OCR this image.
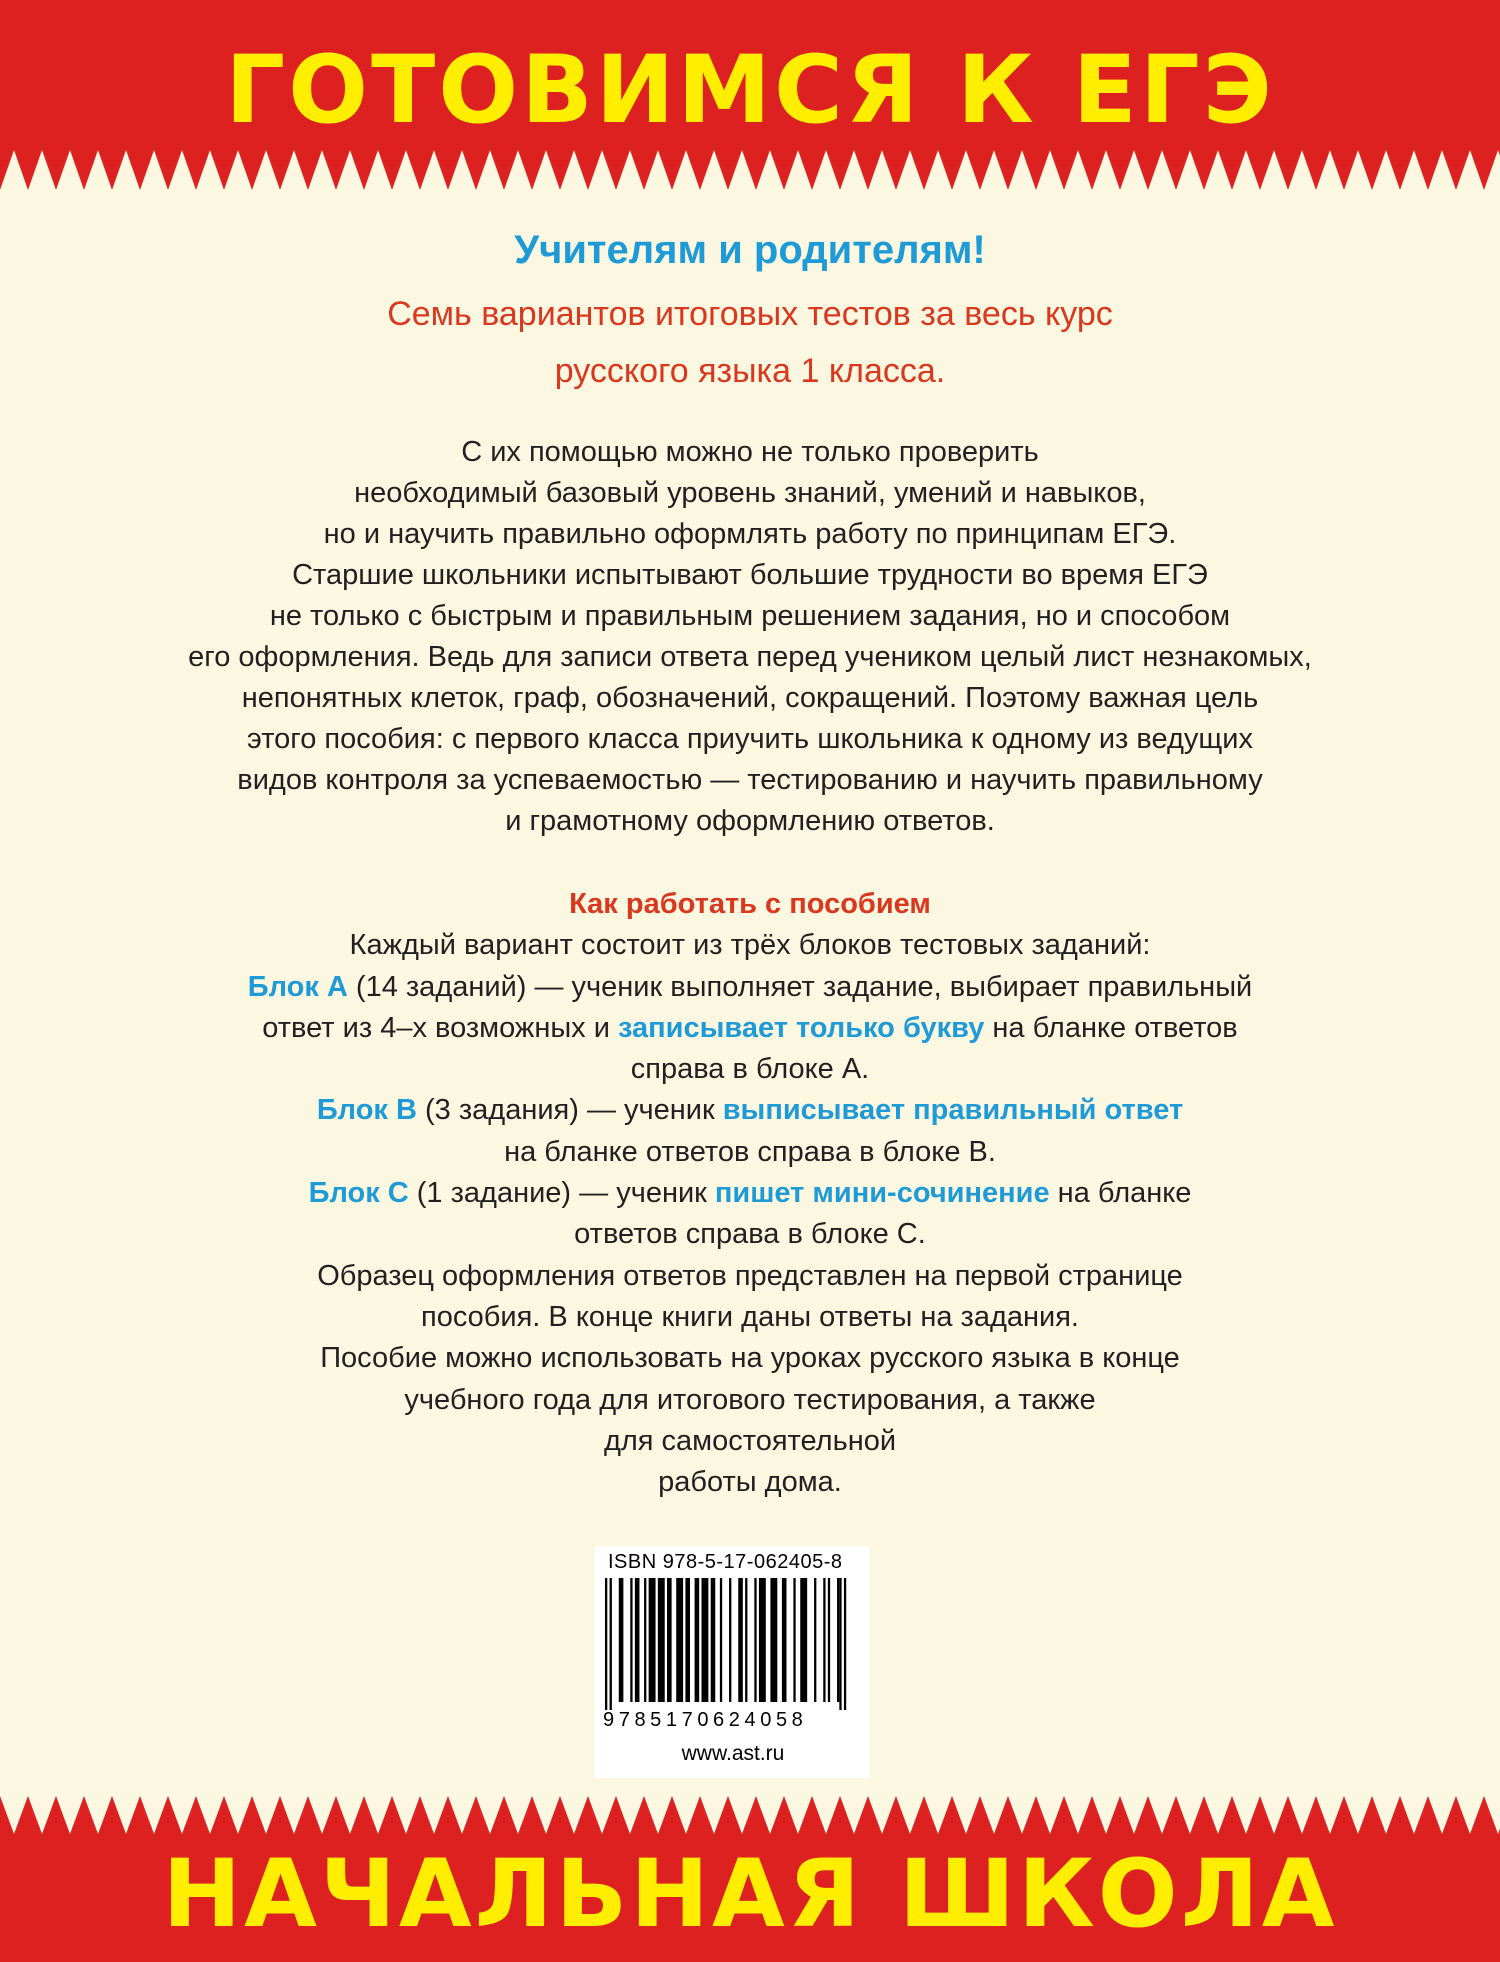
ГОТОВИМСЯ К ЕГЭ
Учителям и родителям!

Семь вариантов итоговых тестов за весь курс
русского языка 1 класса.

С их помощью можно не только проверить
необходимый базовый уровень знаний, умений и навыков,
но и научить правильно оформлять работу по принципам ЕГЭ.
Старшие школьники испытывают большие трудности во время ЕГЭ
не только с быстрым и правильным решением задания, но и способом
его оформления. Ведь для записи ответа перед учеником целый лист незнакомых,
непонятных клеток, граф, обозначений, сокращений. Поэтому важная цель
этого пособия: с первого класса приучить школьника к одному из ведущих
видов контроля за успеваемостью — тестированию и научить правильному
и грамотному оформлению ответов.

Как работать с пособием
Каждый вариант состоит из трёх блоков тестовых заданий:
Блок А (14 заданий) — ученик выполняет задание, выбирает правильный
ответ из 4–х возможных и записывает только букву на бланке ответов
справа в блоке А.
Блок В (3 задания) — ученик выписывает правильный ответ
на бланке ответов справа в блоке В.
Блок С (1 задание) — ученик пишет мини-сочинение на бланке
ответов справа в блоке С.
Образец оформления ответов представлен на первой странице
пособия. В конце книги даны ответы на задания.
Пособие можно использовать на уроках русского языка в конце
учебного года для итогового тестирования, а также
для самостоятельной
работы дома.
ISBN 978-5-17-062405-8
9785170624058
www.ast.ru
НАЧАЛЬНАЯ ШКОЛА
